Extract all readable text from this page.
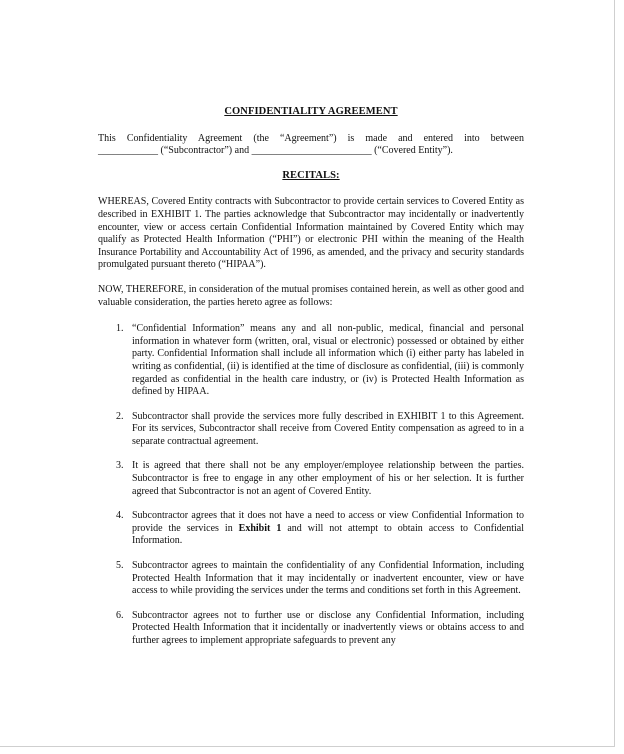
CONFIDENTIALITY AGREEMENT

This Confidentiality Agreement (the “Agreement”) is made and entered into between

____________ (“Subcontractor”) and ________________________ (“Covered Entity”).

RECITALS:

WHEREAS, Covered Entity contracts with Subcontractor to provide certain services to Covered Entity as described in EXHIBIT 1. The parties acknowledge that Subcontractor may incidentally or inadvertently encounter, view or access certain Confidential Information maintained by Covered Entity which may qualify as Protected Health Information (“PHI”) or electronic PHI within the meaning of the Health Insurance Portability and Accountability Act of 1996, as amended, and the privacy and security standards promulgated pursuant thereto (“HIPAA”).

NOW, THEREFORE, in consideration of the mutual promises contained herein, as well as other good and valuable consideration, the parties hereto agree as follows:

1. “Confidential Information” means any and all non-public, medical, financial and personal information in whatever form (written, oral, visual or electronic) possessed or obtained by either party. Confidential Information shall include all information which (i) either party has labeled in writing as confidential, (ii) is identified at the time of disclosure as confidential, (iii) is commonly regarded as confidential in the health care industry, or (iv) is Protected Health Information as defined by HIPAA.
2. Subcontractor shall provide the services more fully described in EXHIBIT 1 to this Agreement. For its services, Subcontractor shall receive from Covered Entity compensation as agreed to in a separate contractual agreement.
3. It is agreed that there shall not be any employer/employee relationship between the parties. Subcontractor is free to engage in any other employment of his or her selection. It is further agreed that Subcontractor is not an agent of Covered Entity.
4. Subcontractor agrees that it does not have a need to access or view Confidential Information to provide the services in Exhibit 1 and will not attempt to obtain access to Confidential Information.
5. Subcontractor agrees to maintain the confidentiality of any Confidential Information, including Protected Health Information that it may incidentally or inadvertent encounter, view or have access to while providing the services under the terms and conditions set forth in this Agreement.
6. Subcontractor agrees not to further use or disclose any Confidential Information, including Protected Health Information that it incidentally or inadvertently views or obtains access to and further agrees to implement appropriate safeguards to prevent any
